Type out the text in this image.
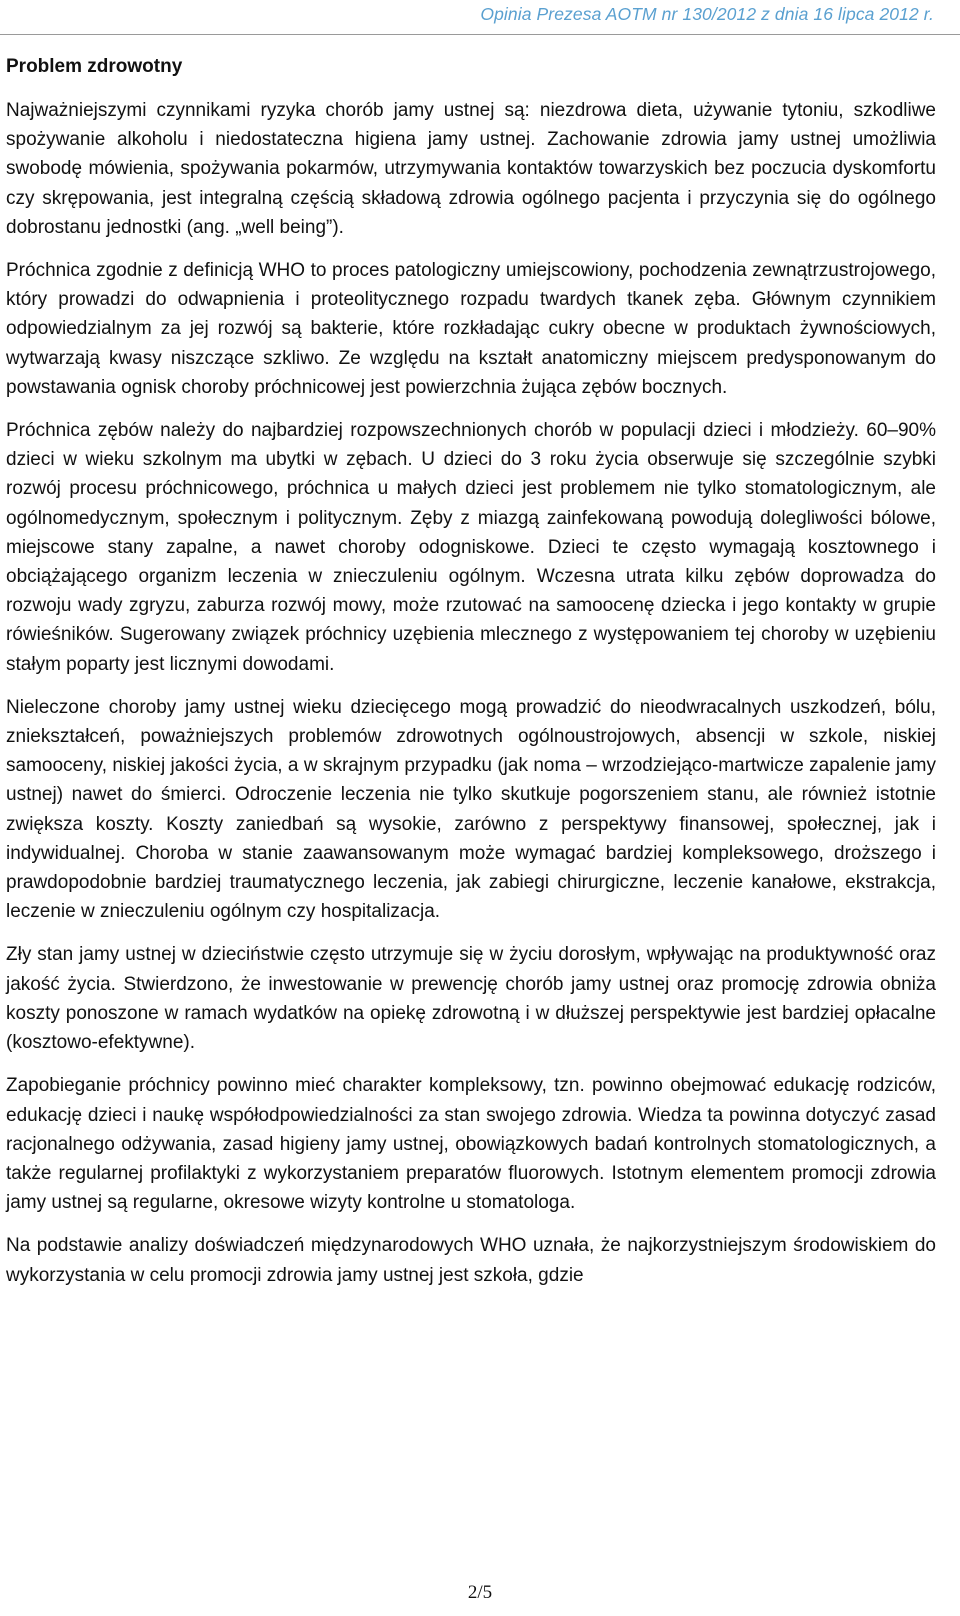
Opinia Prezesa AOTM nr 130/2012 z dnia 16 lipca 2012 r.
Problem zdrowotny

Najważniejszymi czynnikami ryzyka chorób jamy ustnej są: niezdrowa dieta, używanie tytoniu, szkodliwe spożywanie alkoholu i niedostateczna higiena jamy ustnej. Zachowanie zdrowia jamy ustnej umożliwia swobodę mówienia, spożywania pokarmów, utrzymywania kontaktów towarzyskich bez poczucia dyskomfortu czy skrępowania, jest integralną częścią składową zdrowia ogólnego pacjenta i przyczynia się do ogólnego dobrostanu jednostki (ang. „well being”).

Próchnica zgodnie z definicją WHO to proces patologiczny umiejscowiony, pochodzenia zewnątrzustrojowego, który prowadzi do odwapnienia i proteolitycznego rozpadu twardych tkanek zęba. Głównym czynnikiem odpowiedzialnym za jej rozwój są bakterie, które rozkładając cukry obecne w produktach żywnościowych, wytwarzają kwasy niszczące szkliwo. Ze względu na kształt anatomiczny miejscem predysponowanym do powstawania ognisk choroby próchnicowej jest powierzchnia żująca zębów bocznych.

Próchnica zębów należy do najbardziej rozpowszechnionych chorób w populacji dzieci i młodzieży. 60–90% dzieci w wieku szkolnym ma ubytki w zębach. U dzieci do 3 roku życia obserwuje się szczególnie szybki rozwój procesu próchnicowego, próchnica u małych dzieci jest problemem nie tylko stomatologicznym, ale ogólnomedycznym, społecznym i politycznym. Zęby z miazgą zainfekowaną powodują dolegliwości bólowe, miejscowe stany zapalne, a nawet choroby odogniskowe. Dzieci te często wymagają kosztownego i obciążającego organizm leczenia w znieczuleniu ogólnym. Wczesna utrata kilku zębów doprowadza do rozwoju wady zgryzu, zaburza rozwój mowy, może rzutować na samoocenę dziecka i jego kontakty w grupie rówieśników. Sugerowany związek próchnicy uzębienia mlecznego z występowaniem tej choroby w uzębieniu stałym poparty jest licznymi dowodami.

Nieleczone choroby jamy ustnej wieku dziecięcego mogą prowadzić do nieodwracalnych uszkodzeń, bólu, zniekształceń, poważniejszych problemów zdrowotnych ogólnoustrojowych, absencji w szkole, niskiej samooceny, niskiej jakości życia, a w skrajnym przypadku (jak noma – wrzodziejąco-martwicze zapalenie jamy ustnej) nawet do śmierci. Odroczenie leczenia nie tylko skutkuje pogorszeniem stanu, ale również istotnie zwiększa koszty. Koszty zaniedbań są wysokie, zarówno z perspektywy finansowej, społecznej, jak i indywidualnej. Choroba w stanie zaawansowanym może wymagać bardziej kompleksowego, droższego i prawdopodobnie bardziej traumatycznego leczenia, jak zabiegi chirurgiczne, leczenie kanałowe, ekstrakcja, leczenie w znieczuleniu ogólnym czy hospitalizacja.

Zły stan jamy ustnej w dzieciństwie często utrzymuje się w życiu dorosłym, wpływając na produktywność oraz jakość życia. Stwierdzono, że inwestowanie w prewencję chorób jamy ustnej oraz promocję zdrowia obniża koszty ponoszone w ramach wydatków na opiekę zdrowotną i w dłuższej perspektywie jest bardziej opłacalne (kosztowo-efektywne).

Zapobieganie próchnicy powinno mieć charakter kompleksowy, tzn. powinno obejmować edukację rodziców, edukację dzieci i naukę współodpowiedzialności za stan swojego zdrowia. Wiedza ta powinna dotyczyć zasad racjonalnego odżywania, zasad higieny jamy ustnej, obowiązkowych badań kontrolnych stomatologicznych, a także regularnej profilaktyki z wykorzystaniem preparatów fluorowych. Istotnym elementem promocji zdrowia jamy ustnej są regularne, okresowe wizyty kontrolne u stomatologa.

Na podstawie analizy doświadczeń międzynarodowych WHO uznała, że najkorzystniejszym środowiskiem do wykorzystania w celu promocji zdrowia jamy ustnej jest szkoła, gdzie

2/5
